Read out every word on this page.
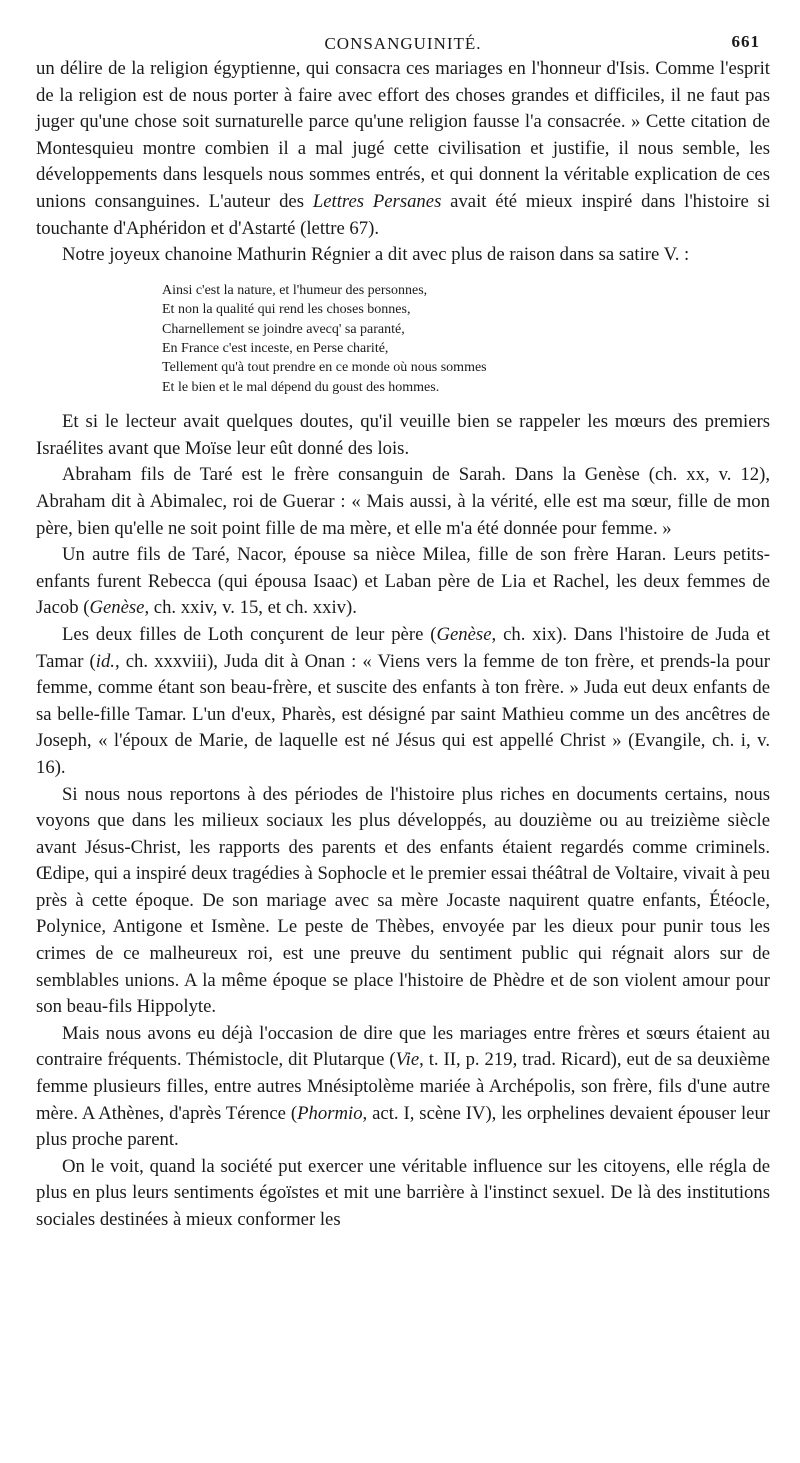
CONSANGUINITÉ.	661

un délire de la religion égyptienne, qui consacra ces mariages en l'honneur d'Isis. Comme l'esprit de la religion est de nous porter à faire avec effort des choses grandes et difficiles, il ne faut pas juger qu'une chose soit surnaturelle parce qu'une religion fausse l'a consacrée. » Cette citation de Montesquieu montre combien il a mal jugé cette civilisation et justifie, il nous semble, les développements dans lesquels nous sommes entrés, et qui donnent la véritable explication de ces unions consanguines. L'auteur des Lettres Persanes avait été mieux inspiré dans l'histoire si touchante d'Aphéridon et d'Astarté (lettre 67).

Notre joyeux chanoine Mathurin Régnier a dit avec plus de raison dans sa satire V. :

Ainsi c'est la nature, et l'humeur des personnes,
Et non la qualité qui rend les choses bonnes,
Charnellement se joindre avecq' sa paranté,
En France c'est inceste, en Perse charité,
Tellement qu'à tout prendre en ce monde où nous sommes
Et le bien et le mal dépend du goust des hommes.

Et si le lecteur avait quelques doutes, qu'il veuille bien se rappeler les mœurs des premiers Israélites avant que Moïse leur eût donné des lois.

Abraham fils de Taré est le frère consanguin de Sarah. Dans la Genèse (ch. xx, v. 12), Abraham dit à Abimalec, roi de Guerar : « Mais aussi, à la vérité, elle est ma sœur, fille de mon père, bien qu'elle ne soit point fille de ma mère, et elle m'a été donnée pour femme. »

Un autre fils de Taré, Nacor, épouse sa nièce Milea, fille de son frère Haran. Leurs petits-enfants furent Rebecca (qui épousa Isaac) et Laban père de Lia et Rachel, les deux femmes de Jacob (Genèse, ch. xxiv, v. 15, et ch. xxiv).

Les deux filles de Loth conçurent de leur père (Genèse, ch. xix). Dans l'histoire de Juda et Tamar (id., ch. xxxviii), Juda dit à Onan : « Viens vers la femme de ton frère, et prends-la pour femme, comme étant son beau-frère, et suscite des enfants à ton frère. » Juda eut deux enfants de sa belle-fille Tamar. L'un d'eux, Pharès, est désigné par saint Mathieu comme un des ancêtres de Joseph, « l'époux de Marie, de laquelle est né Jésus qui est appellé Christ » (Evangile, ch. i, v. 16).

Si nous nous reportons à des périodes de l'histoire plus riches en documents certains, nous voyons que dans les milieux sociaux les plus développés, au douzième ou au treizième siècle avant Jésus-Christ, les rapports des parents et des enfants étaient regardés comme criminels. Œdipe, qui a inspiré deux tragédies à Sophocle et le premier essai théâtral de Voltaire, vivait à peu près à cette époque. De son mariage avec sa mère Jocaste naquirent quatre enfants, Étéocle, Polynice, Antigone et Ismène. Le peste de Thèbes, envoyée par les dieux pour punir tous les crimes de ce malheureux roi, est une preuve du sentiment public qui régnait alors sur de semblables unions. A la même époque se place l'histoire de Phèdre et de son violent amour pour son beau-fils Hippolyte.

Mais nous avons eu déjà l'occasion de dire que les mariages entre frères et sœurs étaient au contraire fréquents. Thémistocle, dit Plutarque (Vie, t. II, p. 219, trad. Ricard), eut de sa deuxième femme plusieurs filles, entre autres Mnésiptolème mariée à Archépolis, son frère, fils d'une autre mère. A Athènes, d'après Térence (Phormio, act. I, scène IV), les orphelines devaient épouser leur plus proche parent.

On le voit, quand la société put exercer une véritable influence sur les citoyens, elle régla de plus en plus leurs sentiments égoïstes et mit une barrière à l'instinct sexuel. De là des institutions sociales destinées à mieux conformer les
